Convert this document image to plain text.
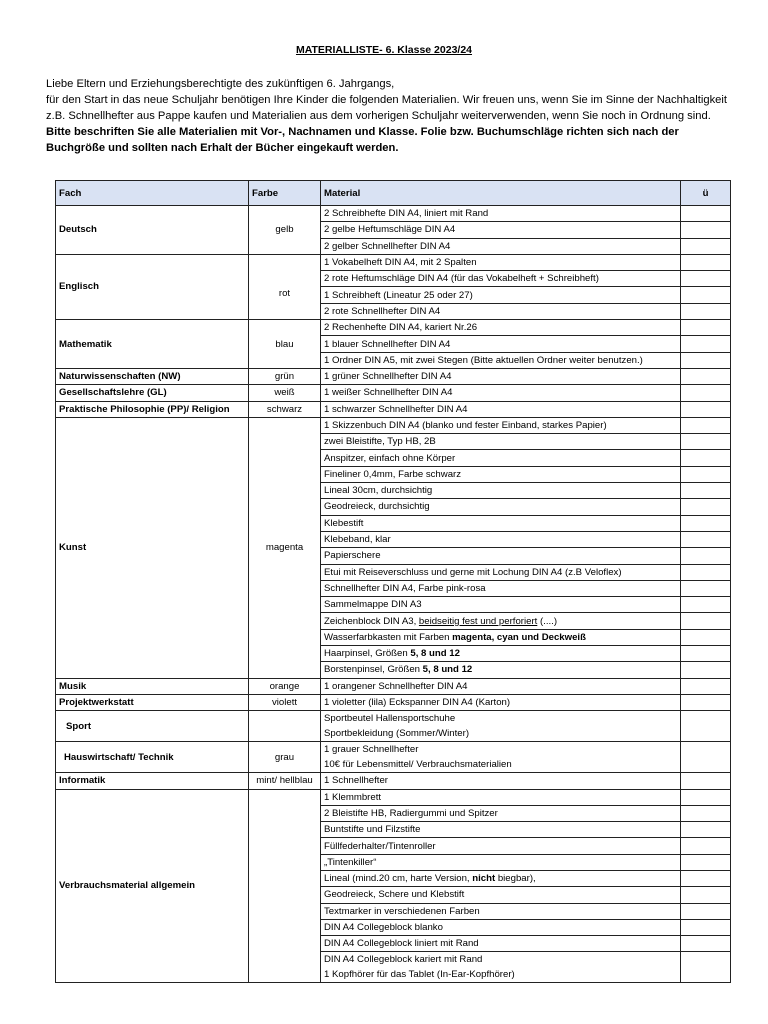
MATERIALLISTE- 6. Klasse 2023/24

Liebe Eltern und Erziehungsberechtigte des zukünftigen 6. Jahrgangs,

für den Start in das neue Schuljahr benötigen Ihre Kinder die folgenden Materialien. Wir freuen uns, wenn Sie im Sinne der Nachhaltigkeit z.B. Schnellhefter aus Pappe kaufen und Materialien aus dem vorherigen Schuljahr weiterverwenden, wenn Sie noch in Ordnung sind.

Bitte beschriften Sie alle Materialien mit Vor-, Nachnamen und Klasse. Folie bzw. Buchumschläge richten sich nach der Buchgröße und sollten nach Erhalt der Bücher eingekauft werden.

Fach	Farbe	Material	ü
Deutsch	gelb	2 Schreibhefte DIN A4, liniert mit Rand	
		2 gelbe Heftumschläge DIN A4	
		2 gelber Schnellhefter DIN A4	
Englisch	rot	1 Vokabelheft DIN A4, mit 2 Spalten	
		2 rote Heftumschläge DIN A4 (für das Vokabelheft + Schreibheft)	
		1 Schreibheft (Lineatur 25 oder 27)	
		2 rote Schnellhefter DIN A4	
Mathematik	blau	2 Rechenhefte DIN A4, kariert Nr.26	
		1 blauer Schnellhefter DIN A4	
		1 Ordner DIN A5, mit zwei Stegen (Bitte aktuellen Ordner weiter benutzen.)	
Naturwissenschaften (NW)	grün	1 grüner Schnellhefter DIN A4	
Gesellschaftslehre (GL)	weiß	1 weißer Schnellhefter DIN A4	
Praktische Philosophie (PP)/ Religion	schwarz	1 schwarzer Schnellhefter DIN A4	
Kunst	magenta	1 Skizzenbuch DIN A4 (blanko und fester Einband, starkes Papier)	
		zwei Bleistifte, Typ HB, 2B	
		Anspitzer, einfach ohne Körper	
		Fineliner 0,4mm, Farbe schwarz	
		Lineal 30cm, durchsichtig	
		Geodreieck, durchsichtig	
		Klebestift	
		Klebeband, klar	
		Papierschere	
		Etui mit Reiseverschluss und gerne mit Lochung DIN A4 (z.B Veloflex)	
		Schnellhefter DIN A4, Farbe pink-rosa	
		Sammelmappe DIN A3	
		Zeichenblock DIN A3, beidseitig fest und perforiert (....)	
		Wasserfarbkasten mit Farben magenta, cyan und Deckweiß	
		Haarpinsel, Größen 5, 8 und 12	
		Borstenpinsel, Größen 5, 8 und 12	
Musik	orange	1 orangener Schnellhefter DIN A4	
Projektwerkstatt	violett	1 violetter (lila) Eckspanner DIN A4 (Karton)	
Sport		Sportbeutel Hallensportschuhe
Sportbekleidung (Sommer/Winter)	

Hauswirtschaft/ Technik	grau	1 grauer Schnellhefter
10€ für Lebensmittel/ Verbrauchsmaterialien	

Informatik	mint/ hellblau	1 Schnellhefter	
Verbrauchsmaterial allgemein		1 Klemmbrett	
		2 Bleistifte HB, Radiergummi und Spitzer	
		Buntstifte und Filzstifte	
		Füllfederhalter/Tintenroller	
		„Tintenkiller“	
		Lineal (mind.20 cm, harte Version, nicht biegbar),	
		Geodreieck, Schere und Klebstift	
		Textmarker in verschiedenen Farben	
		DIN A4 Collegeblock blanko	
		DIN A4 Collegeblock liniert mit Rand	

		DIN A4 Collegeblock kariert mit Rand
1 Kopfhörer für das Tablet (In-Ear-Kopfhörer)	
